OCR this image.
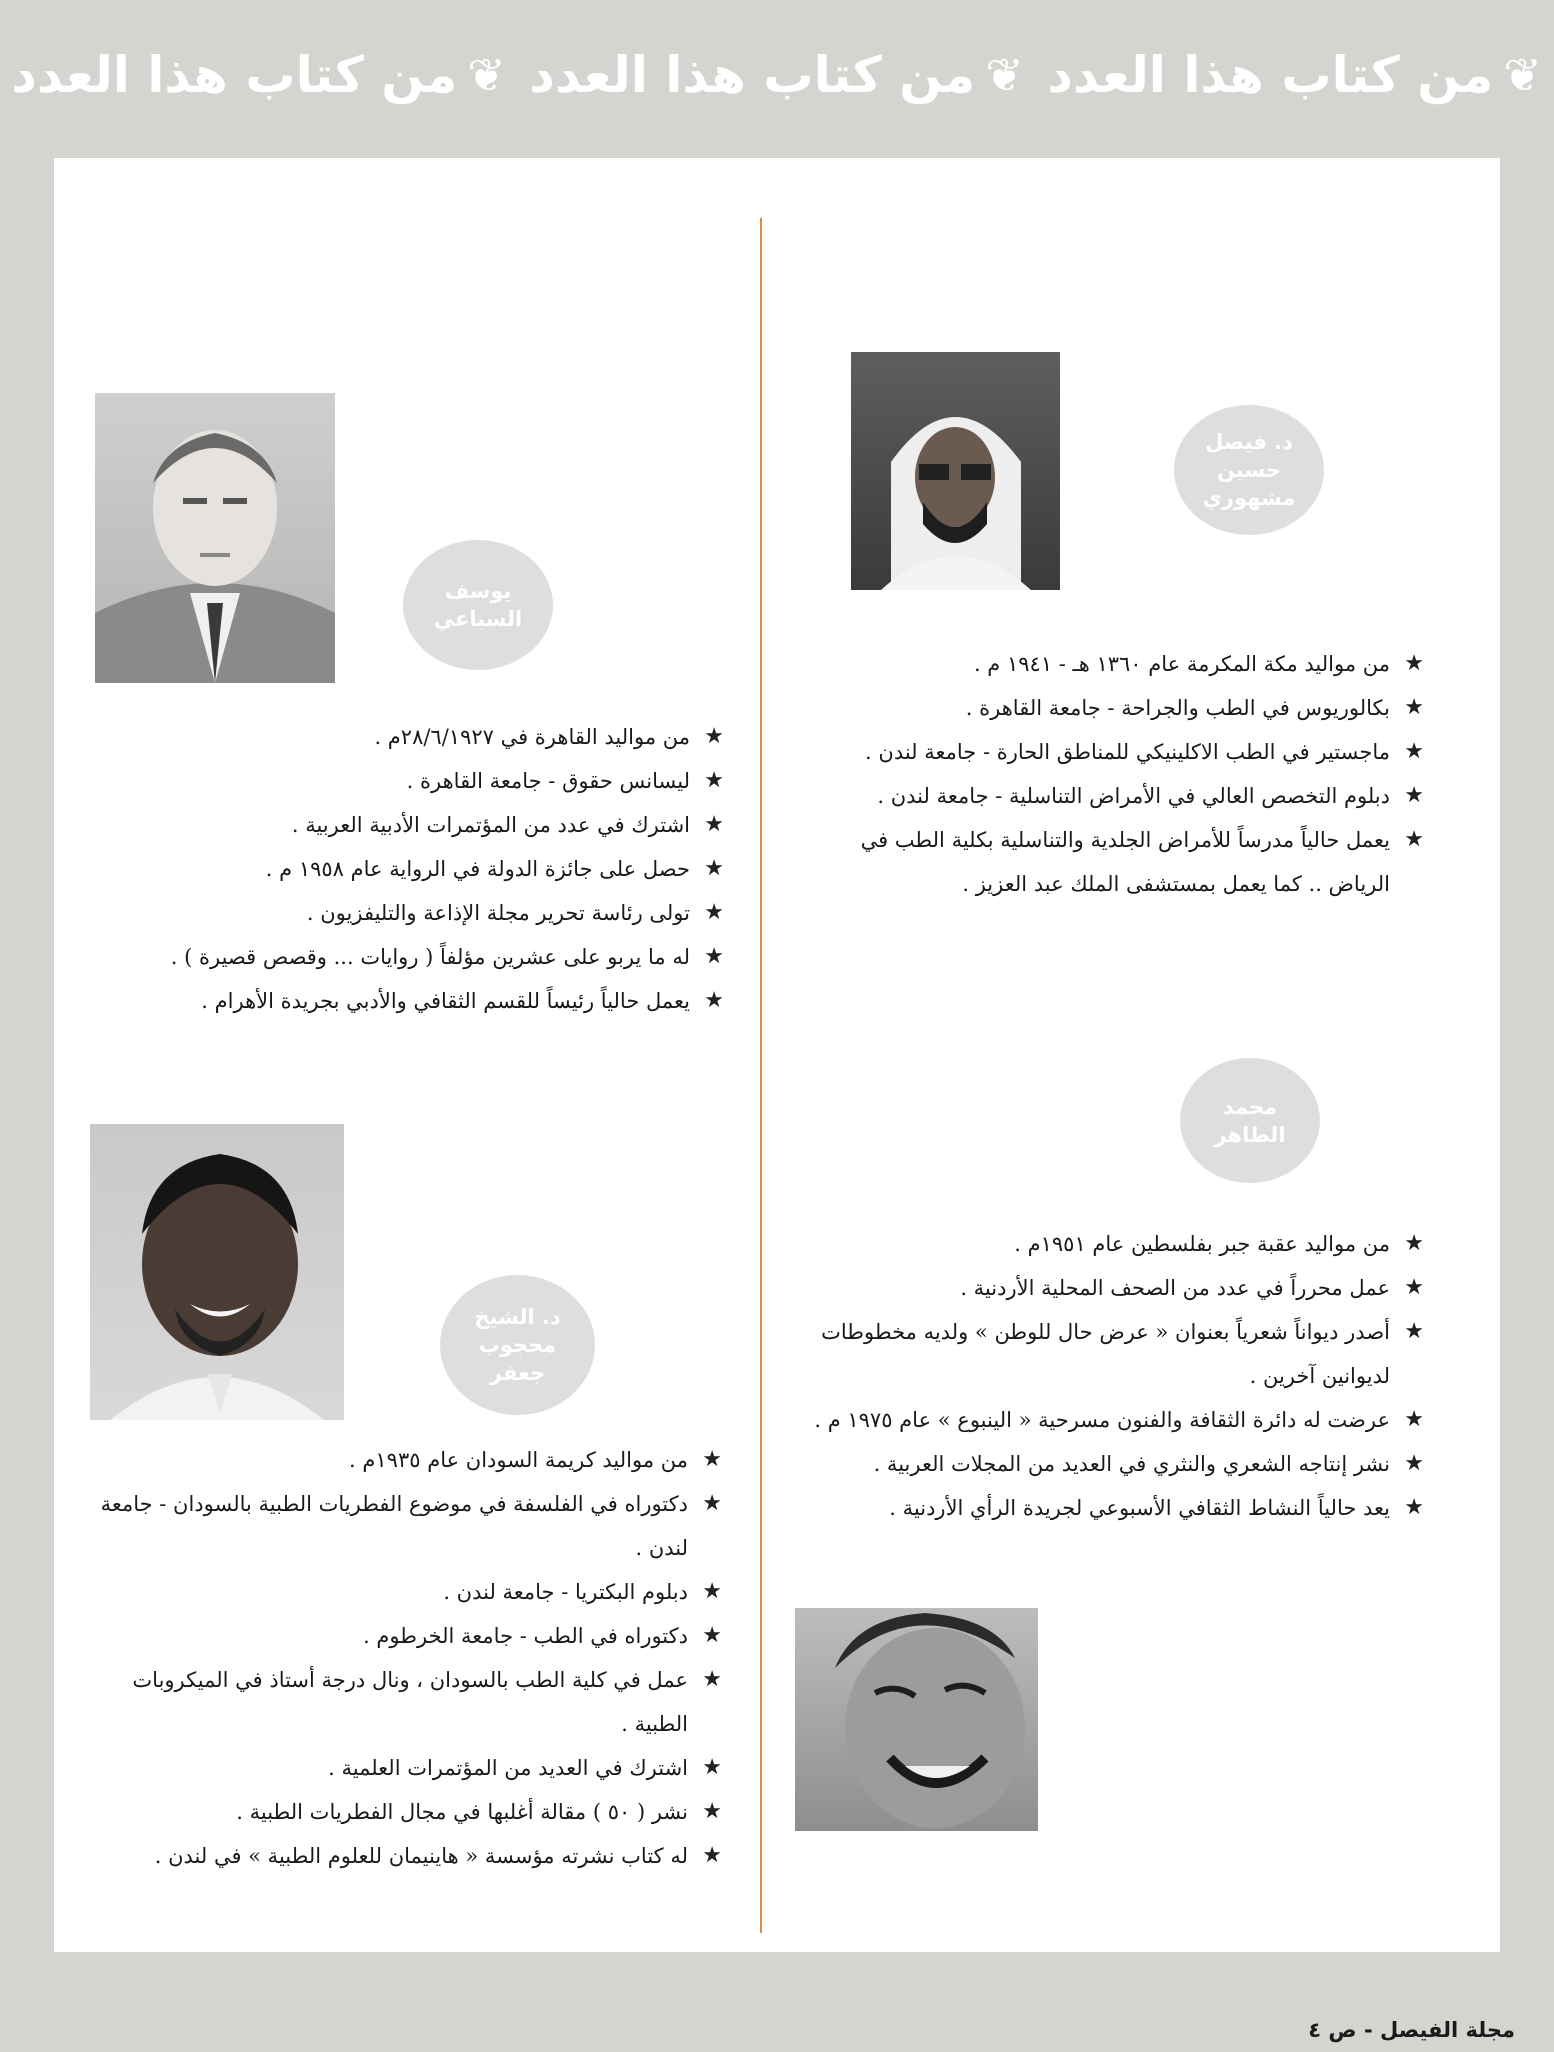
❦
من كتاب هذا العدد	❦
من كتاب هذا العدد	❦
من كتاب هذا العدد
د. فيصل
حسين
مشهوري
★ من مواليد مكة المكرمة عام ١٣٦٠ هـ - ١٩٤١ م .
★ بكالوريوس في الطب والجراحة - جامعة القاهرة .
★ ماجستير في الطب الاكلينيكي للمناطق الحارة - جامعة لندن .
★ دبلوم التخصص العالي في الأمراض التناسلية - جامعة لندن .
★ يعمل حالياً مدرساً للأمراض الجلدية والتناسلية بكلية الطب في الرياض .. كما يعمل بمستشفى الملك عبد العزيز .
يوسف
السباعي
★ من مواليد القاهرة في ٢٨/٦/١٩٢٧م .
★ ليسانس حقوق - جامعة القاهرة .
★ اشترك في عدد من المؤتمرات الأدبية العربية .
★ حصل على جائزة الدولة في الرواية عام ١٩٥٨ م .
★ تولى رئاسة تحرير مجلة الإذاعة والتليفزيون .
★ له ما يربو على عشرين مؤلفاً ( روايات ... وقصص قصيرة ) .
★ يعمل حالياً رئيساً للقسم الثقافي والأدبي بجريدة الأهرام .
محمد
الطاهر
★ من مواليد عقبة جبر بفلسطين عام ١٩٥١م .
★ عمل محرراً في عدد من الصحف المحلية الأردنية .
★ أصدر ديواناً شعرياً بعنوان « عرض حال للوطن » ولديه مخطوطات لديوانين آخرين .
★ عرضت له دائرة الثقافة والفنون مسرحية « الينبوع » عام ١٩٧٥ م .
★ نشر إنتاجه الشعري والنثري في العديد من المجلات العربية .
★ يعد حالياً النشاط الثقافي الأسبوعي لجريدة الرأي الأردنية .
د. الشيخ
محجوب
جعفر
★ من مواليد كريمة السودان عام ١٩٣٥م .
★ دكتوراه في الفلسفة في موضوع الفطريات الطبية بالسودان - جامعة لندن .
★ دبلوم البكتريا - جامعة لندن .
★ دكتوراه في الطب - جامعة الخرطوم .
★ عمل في كلية الطب بالسودان ، ونال درجة أستاذ في الميكروبات الطبية .
★ اشترك في العديد من المؤتمرات العلمية .
★ نشر ( ٥٠ ) مقالة أغلبها في مجال الفطريات الطبية .
★ له كتاب نشرته مؤسسة « هاينيمان للعلوم الطبية » في لندن .
مجلة الفيصل - ص ٤
